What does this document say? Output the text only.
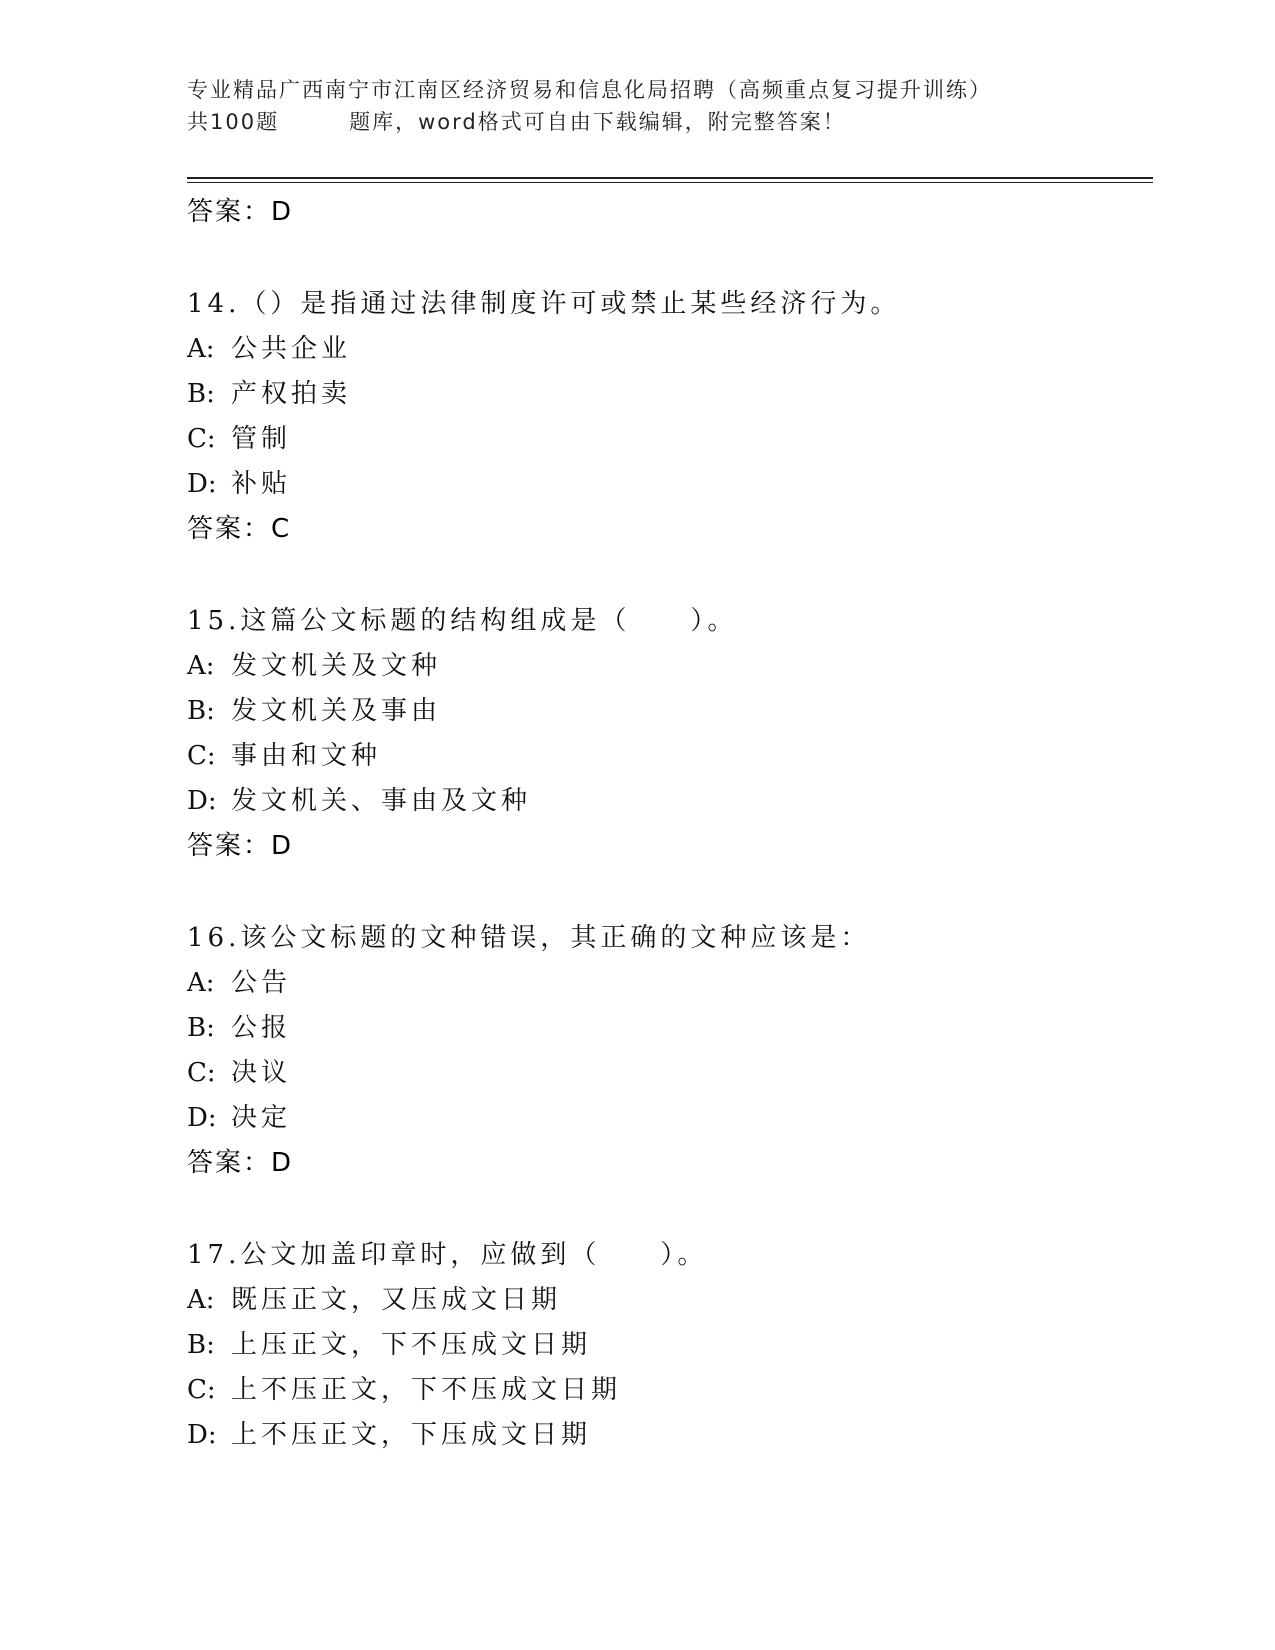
专业精品广西南宁市江南区经济贸易和信息化局招聘（高频重点复习提升训练）
共100题	题库，word格式可自由下载编辑，附完整答案！
答案：D
14.（）是指通过法律制度许可或禁止某些经济行为。
A: 公共企业
B: 产权拍卖
C: 管制
D: 补贴
答案：C
15.这篇公文标题的结构组成是（　　）。
A: 发文机关及文种
B: 发文机关及事由
C: 事由和文种
D: 发文机关、事由及文种
答案：D
16.该公文标题的文种错误，其正确的文种应该是：
A: 公告
B: 公报
C: 决议
D: 决定
答案：D
17.公文加盖印章时，应做到（　　）。
A: 既压正文，又压成文日期
B: 上压正文，下不压成文日期
C: 上不压正文，下不压成文日期
D: 上不压正文，下压成文日期
